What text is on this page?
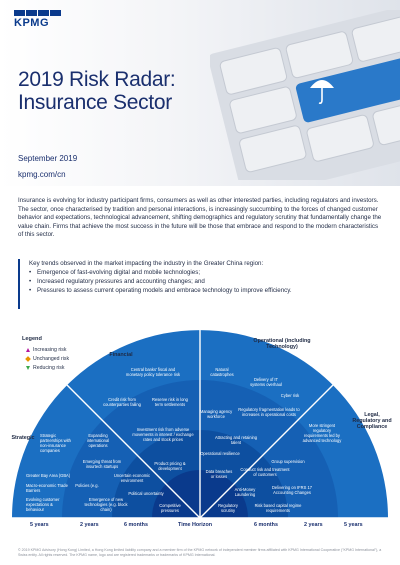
KPMG
2019 Risk Radar:
Insurance Sector
September 2019
kpmg.com/cn
Insurance is evolving for industry participant firms, consumers as well as other interested parties, including regulators and investors. The sector, once characterised by tradition and personal interactions, is increasingly succumbing to the forces of changed customer behavior and expectations, technological advancement, shifting demographics and regulatory scrutiny that fundamentally change the value chain. Firms that achieve the most success in the future will be those that embrace and respond to the modern characteristics of this sector.
Key trends observed in the market impacting the industry in the Greater China region:
• Emergence of fast-evolving digital and mobile technologies;
• Increased regulatory pressures and accounting changes; and
• Pressures to assess current operating models and embrace technology to improve efficiency.
Legend
Increasing risk
Unchanged risk
Reducing risk
Financial
Operational (including Technology)
Legal, Regulatory and Compliance
Strategic
Central banks' fiscal and monetary policy tolerance risk
Credit risk from counterparties failing
Reserve risk in long term settlements
Investment risk from adverse movements in interest / exchange rates and stock prices
Strategic partnerships with non-insurance companies
Expanding international operations
Emerging threat from insurtech startups
Greater Bay Area (GBA)
Macro-economic Trade Barriers
Policies (e.g.
Evolving customer expectations & behaviour
Emergence of new technologies (e.g. block chain)
Uncertain economic environment
Political uncertainty
Product pricing & development
Competitive pressures
Natural catastrophes
Delivery of IT systems overhaul
Cyber risk
Managing agency workforce
Regulatory fragmentation leads to increases in operational costs
Attracting and retaining talent
Operational resilience
Data breaches or losses
More stringent regulatory requirements led by advanced technology
Group supervision
Conduct risk and treatment of customers
Anti-Money Laundering
Delivering on IFRS 17 Accounting Changes
Regulatory scrutiny
Risk based capital regime requirements
5 years	2 years	6 months	Time Horizon	6 months	2 years	5 years
© 2019 KPMG Advisory (Hong Kong) Limited, a Hong Kong limited liability company and a member firm of the KPMG network of independent member firms affiliated with KPMG International Cooperative ("KPMG International"), a Swiss entity. All rights reserved. The KPMG name, logo and are registered trademarks or trademarks of KPMG International.
